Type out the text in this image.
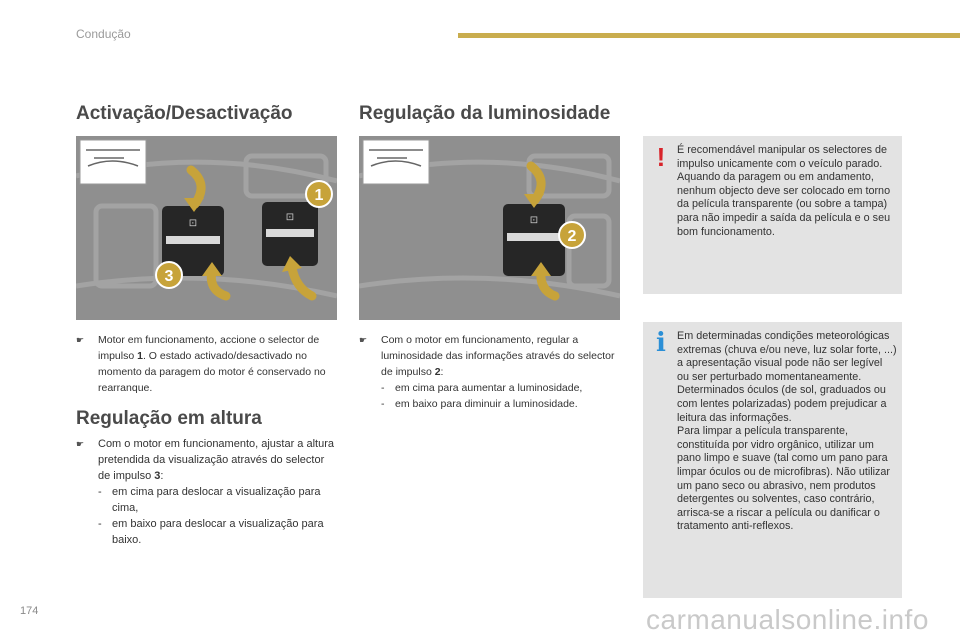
Condução
Activação/Desactivação	Regulação da luminosidade
⊡
⊡
1
3
⊡
2
☛	Motor em funcionamento, accione o selector de impulso 1. O estado activado/desactivado no momento da paragem do motor é conservado no rearranque.

Regulação em altura
☛	Com o motor em funcionamento, ajustar a altura pretendida da visualização através do selector de impulso 3:

- em cima para deslocar a visualização para cima,

- em baixo para deslocar a visualização para baixo.

☛	Com o motor em funcionamento, regular a luminosidade das informações através do selector de impulso 2:

-	em cima para aumentar a luminosidade,

-	em baixo para diminuir a luminosidade.

!	É recomendável manipular os selectores de impulso unicamente com o veículo parado.
Aquando da paragem ou em andamento, nenhum objecto deve ser colocado em torno da película transparente (ou sobre a tampa) para não impedir a saída da película e o seu bom funcionamento.
i Em determinadas condições meteorológicas extremas (chuva e/ou neve, luz solar forte, ...) a apresentação visual pode não ser legível ou ser perturbado momentaneamente.
Determinados óculos (de sol, graduados ou com lentes polarizadas) podem prejudicar a leitura das informações.
Para limpar a película transparente, constituída por vidro orgânico, utilizar um pano limpo e suave (tal como um pano para limpar óculos ou de microfibras). Não utilizar um pano seco ou abrasivo, nem produtos detergentes ou solventes, caso contrário, arrisca-se a riscar a película ou danificar o tratamento anti-reflexos.
174	carmanualsonline.info
